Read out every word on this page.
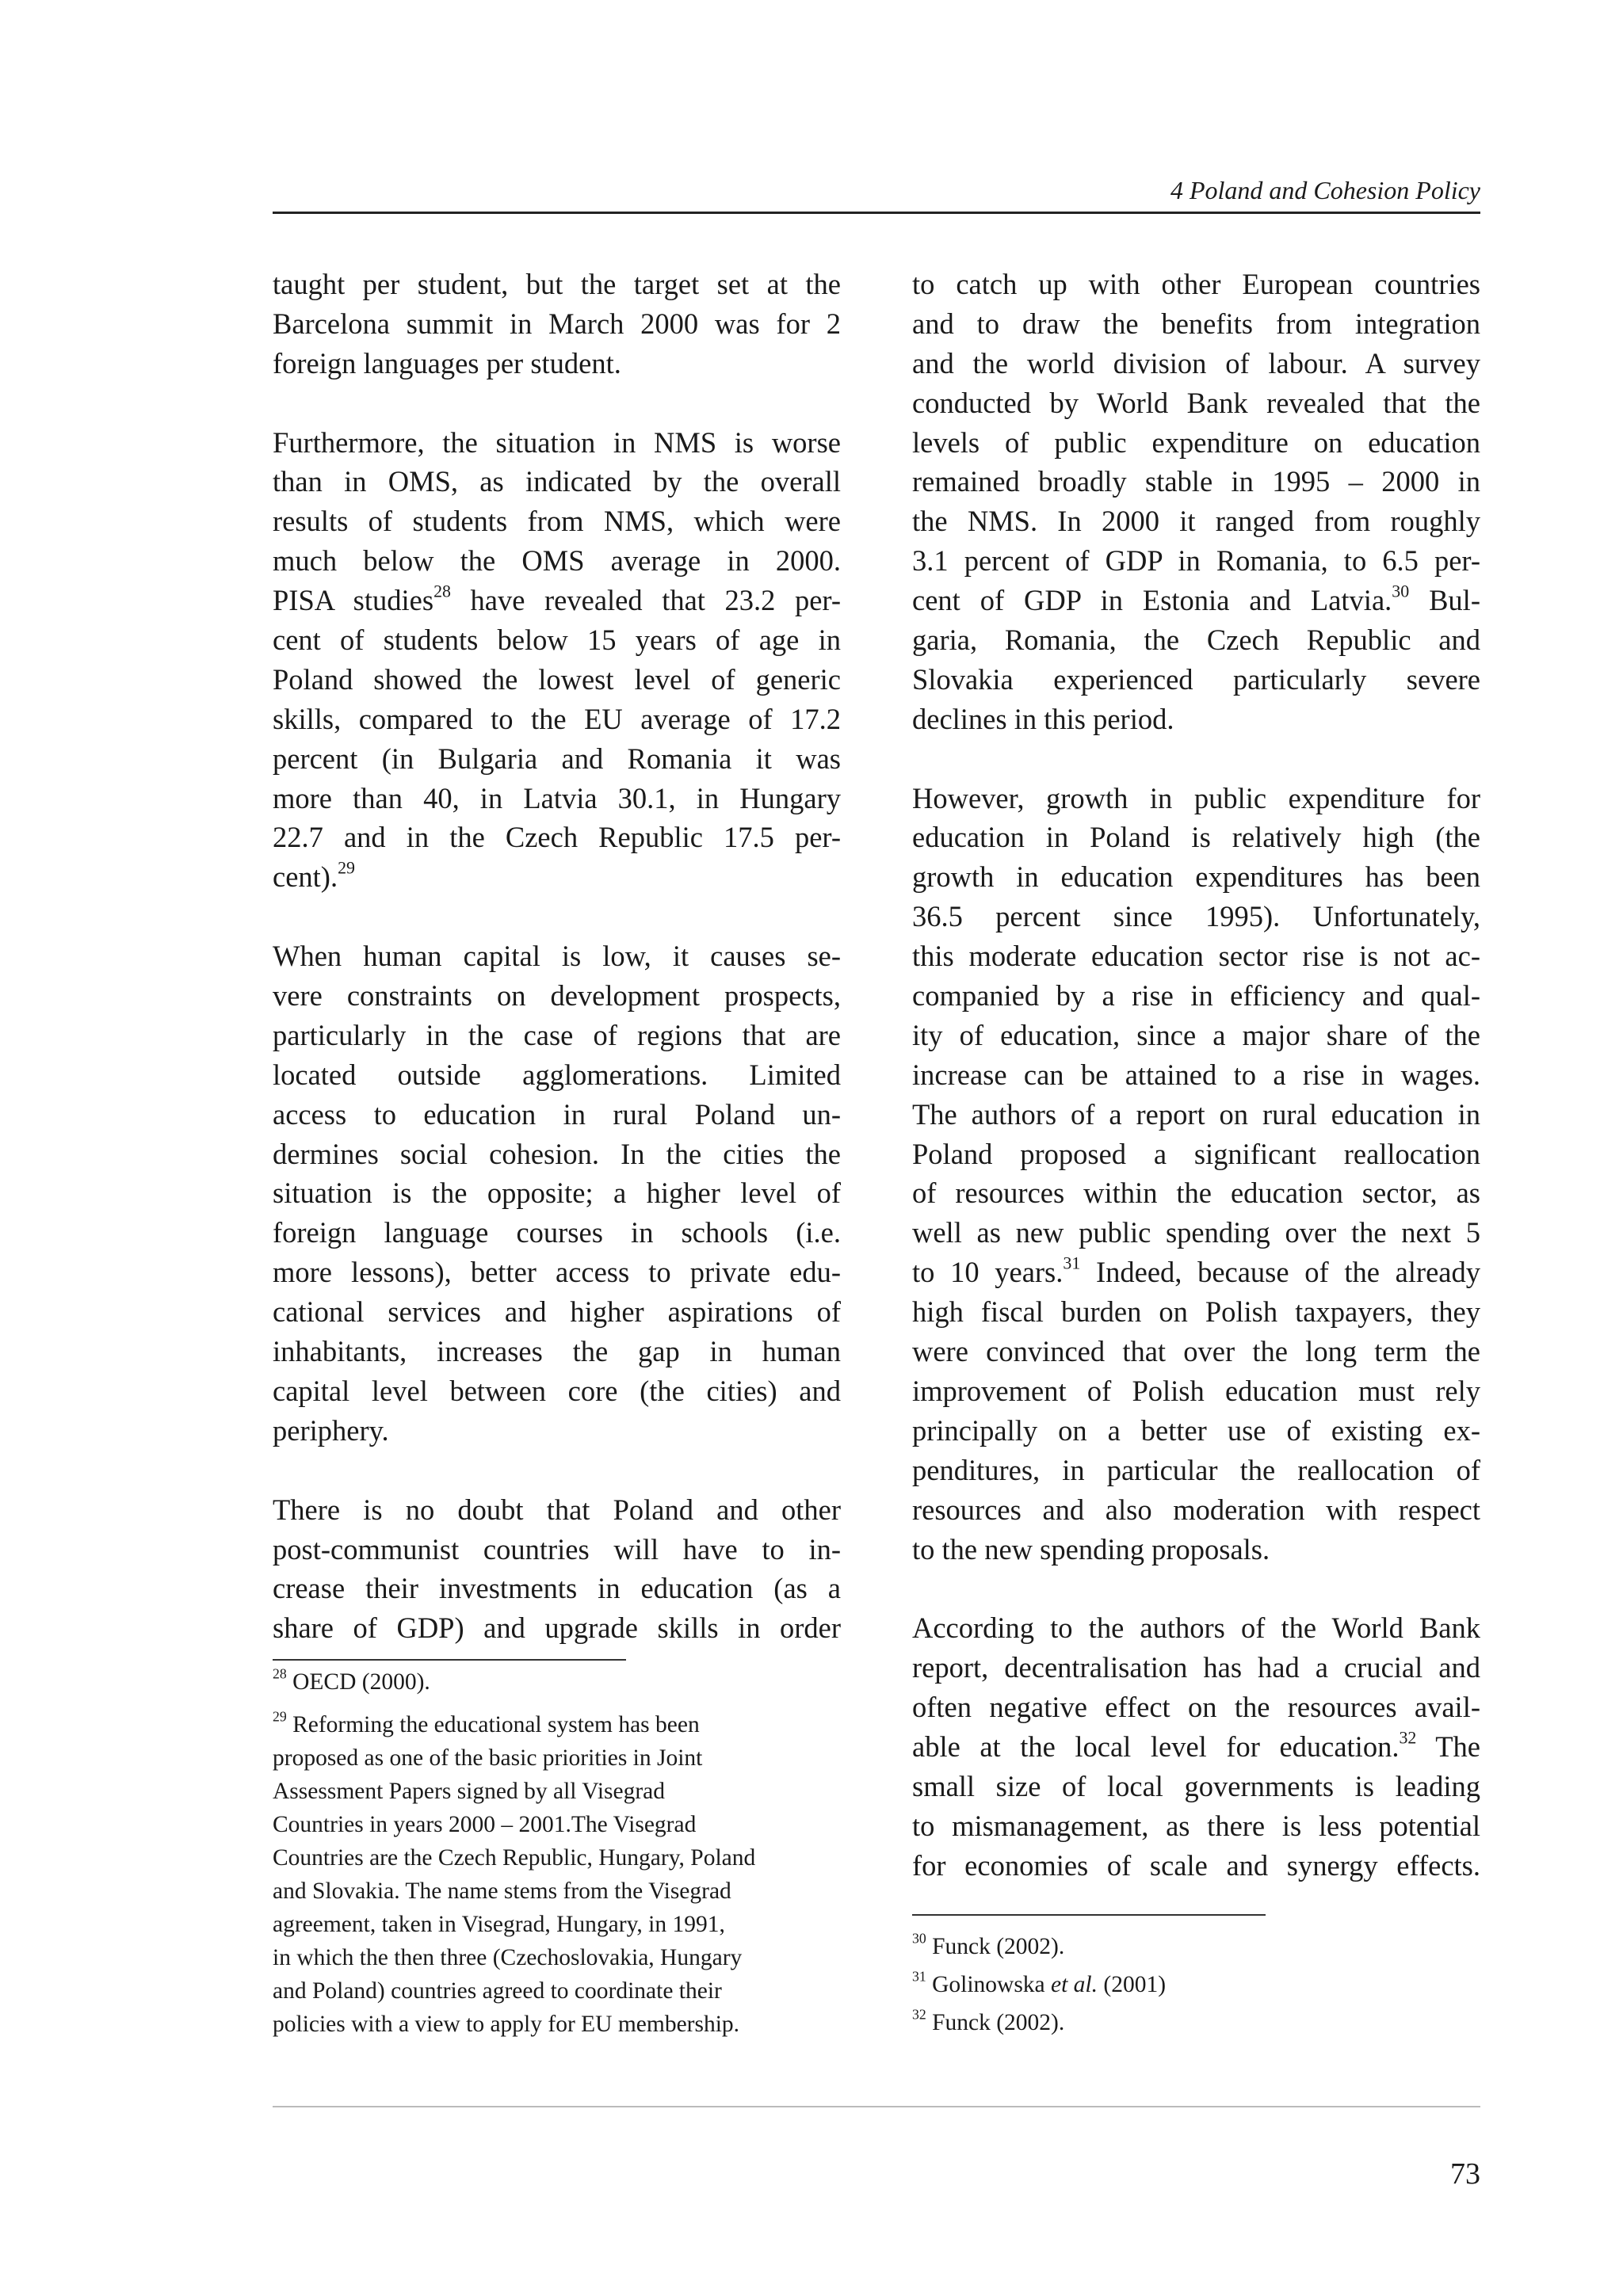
4 Poland and Cohesion Policy
taught per student, but the target set at the
Barcelona summit in March 2000 was for 2
foreign languages per student.
Furthermore, the situation in NMS is worse
than in OMS, as indicated by the overall
results of students from NMS, which were
much below the OMS average in 2000.
PISA studies$^{28}$ have revealed that 23.2 per-
cent of students below 15 years of age in
Poland showed the lowest level of generic
skills, compared to the EU average of 17.2
percent (in Bulgaria and Romania it was
more than 40, in Latvia 30.1, in Hungary
22.7 and in the Czech Republic 17.5 per-
cent).$^{29}$
When human capital is low, it causes se-
vere constraints on development prospects,
particularly in the case of regions that are
located outside agglomerations. Limited
access to education in rural Poland un-
dermines social cohesion. In the cities the
situation is the opposite; a higher level of
foreign language courses in schools (i.e.
more lessons), better access to private edu-
cational services and higher aspirations of
inhabitants, increases the gap in human
capital level between core (the cities) and
periphery.
There is no doubt that Poland and other
post-communist countries will have to in-
crease their investments in education (as a
share of GDP) and upgrade skills in order
to catch up with other European countries
and to draw the benefits from integration
and the world division of labour. A survey
conducted by World Bank revealed that the
levels of public expenditure on education
remained broadly stable in 1995 – 2000 in
the NMS. In 2000 it ranged from roughly
3.1 percent of GDP in Romania, to 6.5 per-
cent of GDP in Estonia and Latvia.$^{30}$ Bul-
garia, Romania, the Czech Republic and
Slovakia experienced particularly severe
declines in this period.
However, growth in public expenditure for
education in Poland is relatively high (the
growth in education expenditures has been
36.5 percent since 1995). Unfortunately,
this moderate education sector rise is not ac-
companied by a rise in efficiency and qual-
ity of education, since a major share of the
increase can be attained to a rise in wages.
The authors of a report on rural education in
Poland proposed a significant reallocation
of resources within the education sector, as
well as new public spending over the next 5
to 10 years.$^{31}$ Indeed, because of the already
high fiscal burden on Polish taxpayers, they
were convinced that over the long term the
improvement of Polish education must rely
principally on a better use of existing ex-
penditures, in particular the reallocation of
resources and also moderation with respect
to the new spending proposals.
According to the authors of the World Bank
report, decentralisation has had a crucial and
often negative effect on the resources avail-
able at the local level for education.$^{32}$ The
small size of local governments is leading
to mismanagement, as there is less potential
for economies of scale and synergy effects.
$^{28}$ OECD (2000).
$^{29}$ Reforming the educational system has been
proposed as one of the basic priorities in Joint
Assessment Papers signed by all Visegrad
Countries in years 2000 – 2001.The Visegrad
Countries are the Czech Republic, Hungary, Poland
and Slovakia. The name stems from the Visegrad
agreement, taken in Visegrad, Hungary, in 1991,
in which the then three (Czechoslovakia, Hungary
and Poland) countries agreed to coordinate their
policies with a view to apply for EU membership.
$^{30}$ Funck (2002).
$^{31}$ Golinowska et al. (2001)
$^{32}$ Funck (2002).
73
